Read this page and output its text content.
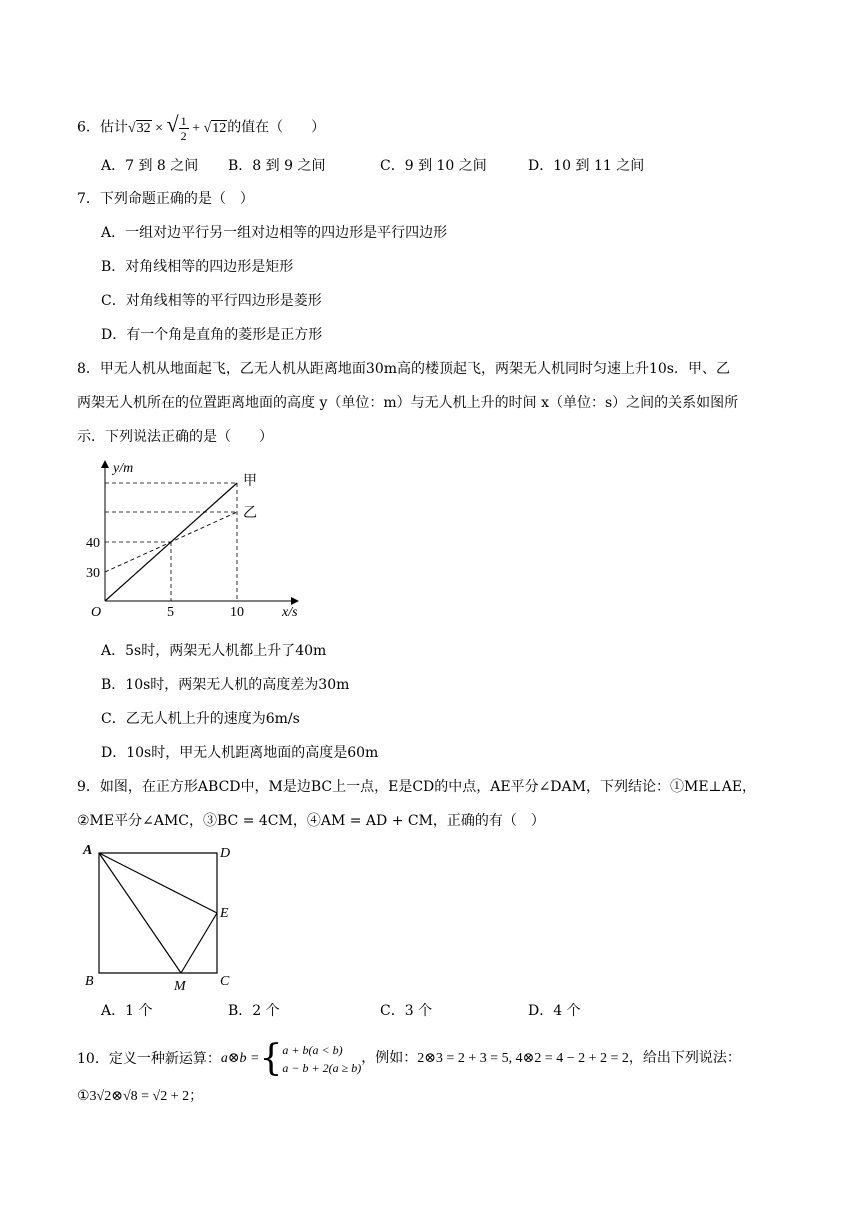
6．估计√32 × √ $\frac{1}{2} + √12$的值在（　　）
A．7 到 8 之间 B．8 到 9 之间	C．9 到 10 之间	D．10 到 11 之间
7．下列命题正确的是（　）
A．一组对边平行另一组对边相等的四边形是平行四边形
B．对角线相等的四边形是矩形
C．对角线相等的平行四边形是菱形
D．有一个角是直角的菱形是正方形
8．甲无人机从地面起飞，乙无人机从距离地面30m高的楼顶起飞，两架无人机同时匀速上升10s．甲、乙
两架无人机所在的位置距离地面的高度 y（单位：m）与无人机上升的时间 x（单位：s）之间的关系如图所
示．下列说法正确的是（　　）
y/m
x/s
O
40
30
5	10
甲
乙
A．5s时，两架无人机都上升了40m
B．10s时，两架无人机的高度差为30m
C．乙无人机上升的速度为6m/s
D．10s时，甲无人机距离地面的高度是60m
9．如图，在正方形ABCD中，M是边BC上一点，E是CD的中点，AE平分∠DAM，下列结论：①ME⊥AE，
②ME平分∠AMC，③BC = 4CM，④AM = AD + CM，正确的有（　）
A	D
E
B	C
M
A．1 个	B．2 个	C．3 个	D．4 个
10．定义一种新运算：a⊗b ={ a + b(a < b)
a − b + 2(a ≥ b)
，例如：2⊗3 = 2 + 3 = 5, 4⊗2 = 4 − 2 + 2 = 2，给出下列说法：
①3√2⊗√8 = √2 + 2；
